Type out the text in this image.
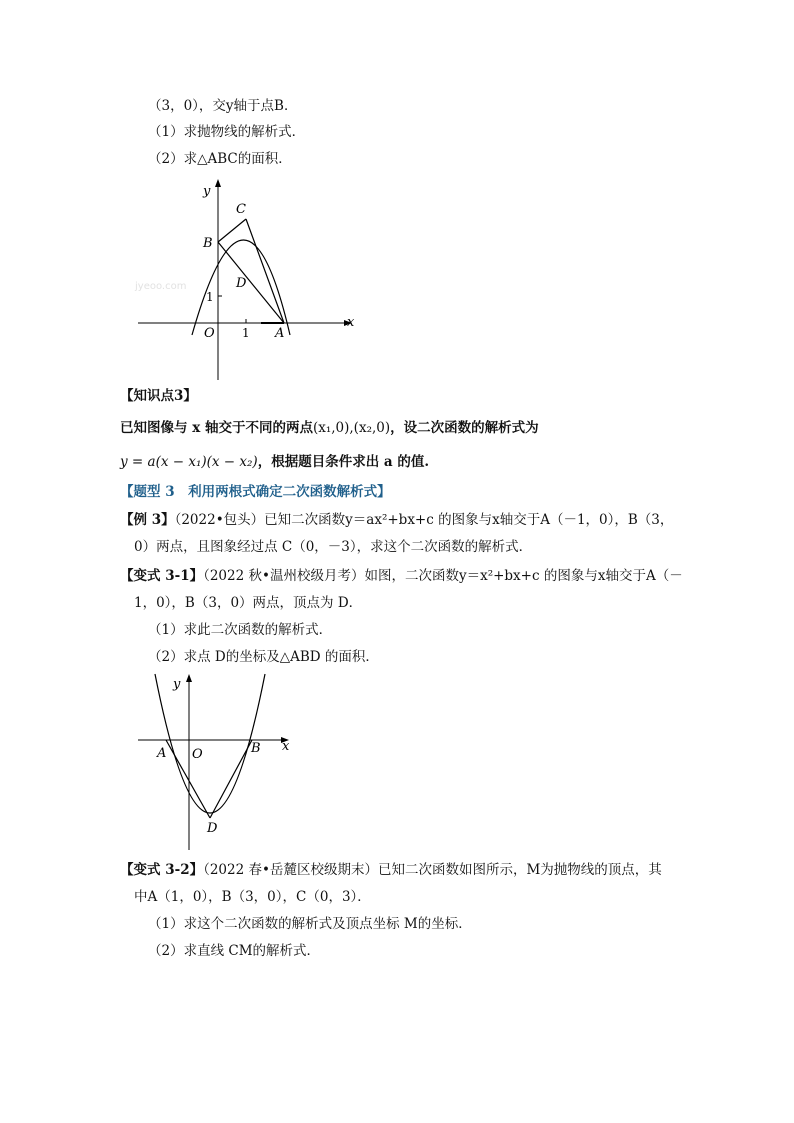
（3，0），交y轴于点B．
（1）求抛物线的解析式．
（2）求△ABC的面积．
y
x
O 1
1
B
C
D
A
jyeoo.com
【知识点3】
已知图像与 x 轴交于不同的两点(x₁,0),(x₂,0)，设二次函数的解析式为
y = a(x − x₁)(x − x₂)，根据题目条件求出 a 的值.
【题型 3　利用两根式确定二次函数解析式】
【例 3】（2022•包头）已知二次函数y＝ax²+bx+c 的图象与x轴交于A（－1，0），B（3，
0）两点，且图象经过点 C（0，－3），求这个二次函数的解析式．
【变式 3-1】（2022 秋•温州校级月考）如图，二次函数y＝x²+bx+c 的图象与x轴交于A（－
1，0），B（3，0）两点，顶点为 D．
（1）求此二次函数的解析式．
（2）求点 D的坐标及△ABD 的面积．
y
x
O
A	B
D
【变式 3-2】（2022 春•岳麓区校级期末）已知二次函数如图所示，M为抛物线的顶点，其
中A（1，0），B（3，0），C（0，3）．
（1）求这个二次函数的解析式及顶点坐标 M的坐标．
（2）求直线 CM的解析式．
